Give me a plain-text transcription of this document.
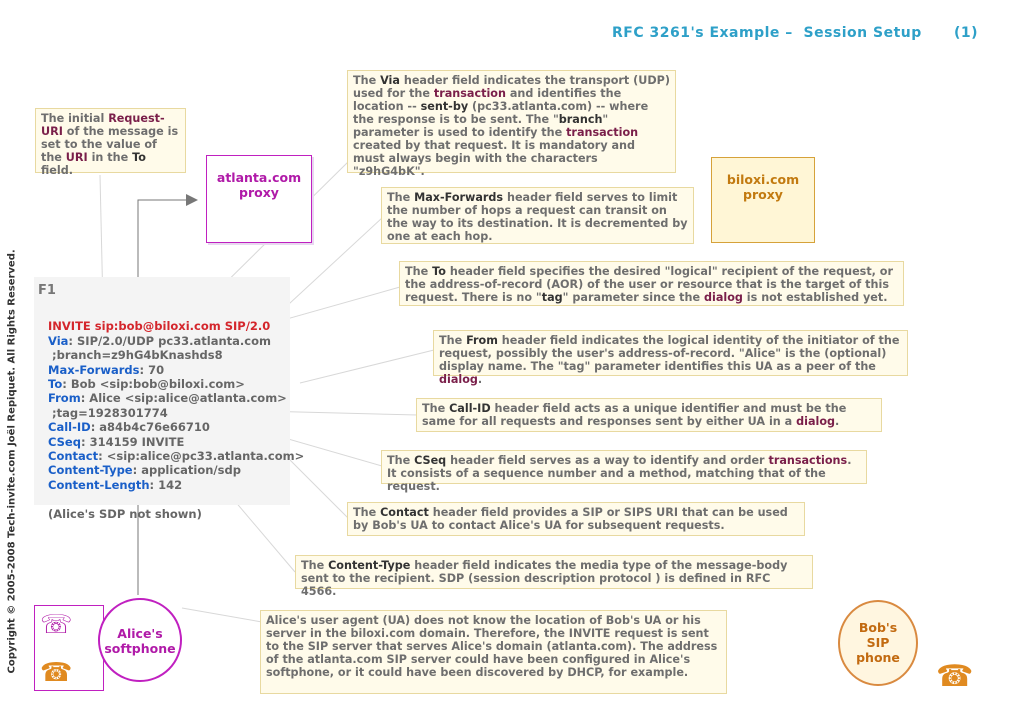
RFC 3261's Example –  Session Setup      (1)
Copyright © 2005-2008 Tech-invite.com Joël Repiquet. All Rights Reserved.
The initial Request-URI of the message is set to the value of the URI in the To field.
The Via header field indicates the transport (UDP) used for the transaction and identifies the location -- sent-by (pc33.atlanta.com) -- where the response is to be sent. The "branch" parameter is used to identify the transaction created by that request. It is mandatory and must always begin with the characters "z9hG4bK".
The Max-Forwards header field serves to limit the number of hops a request can transit on the way to its destination. It is decremented by one at each hop.
The To header field specifies the desired "logical" recipient of the request, or the address-of-record (AOR) of the user or resource that is the target of this request. There is no "tag" parameter since the dialog is not established yet.
The From header field indicates the logical identity of the initiator of the request, possibly the user's address-of-record. "Alice" is the (optional) display name. The "tag" parameter identifies this UA as a peer of the dialog.
The Call-ID header field acts as a unique identifier and must be the same for all requests and responses sent by either UA in a dialog.
The CSeq header field serves as a way to identify and order transactions. It consists of a sequence number and a method, matching that of the request.
The Contact header field provides a SIP or SIPS URI that can be used by Bob's UA to contact Alice's UA for subsequent requests.
The Content-Type header field indicates the media type of the message-body sent to the recipient. SDP (session description protocol ) is defined in RFC 4566.
Alice's user agent (UA) does not know the location of Bob's UA or his server in the biloxi.com domain. Therefore, the INVITE request is sent to the SIP server that serves Alice's domain (atlanta.com). The address of the atlanta.com SIP server could have been configured in Alice's softphone, or it could have been discovered by DHCP, for example.
atlanta.com
proxy
biloxi.com
proxy
F1

INVITE sip:bob@biloxi.com SIP/2.0
Via: SIP/2.0/UDP pc33.atlanta.com
;branch=z9hG4bKnashds8
Max-Forwards: 70
To: Bob <sip:bob@biloxi.com>
From: Alice <sip:alice@atlanta.com>
;tag=1928301774
Call-ID: a84b4c76e66710
CSeq: 314159 INVITE
Contact: <sip:alice@pc33.atlanta.com>
Content-Type: application/sdp
Content-Length: 142

(Alice's SDP not shown)
☏
☎
Alice's
softphone
Bob's
SIP
phone
☎
